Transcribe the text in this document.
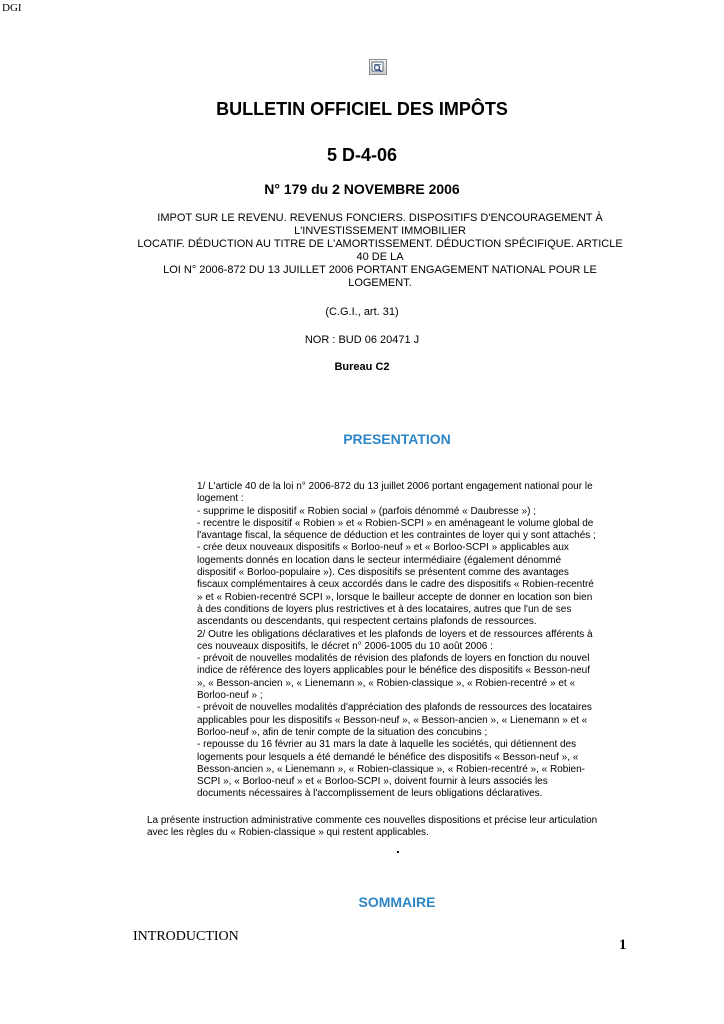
DGI
BULLETIN OFFICIEL DES IMPÔTS
5 D-4-06
N° 179 du 2 NOVEMBRE 2006
IMPOT SUR LE REVENU. REVENUS FONCIERS. DISPOSITIFS D'ENCOURAGEMENT À L'INVESTISSEMENT IMMOBILIER
LOCATIF. DÉDUCTION AU TITRE DE L'AMORTISSEMENT. DÉDUCTION SPÉCIFIQUE. ARTICLE 40 DE LA
LOI N° 2006-872 DU 13 JUILLET 2006 PORTANT ENGAGEMENT NATIONAL POUR LE LOGEMENT.
(C.G.I., art. 31)
NOR : BUD 06 20471 J
Bureau C2
PRESENTATION

1/ L'article 40 de la loi n° 2006-872 du 13 juillet 2006 portant engagement national pour le logement :

- supprime le dispositif « Robien social » (parfois dénommé « Daubresse ») ;

- recentre le dispositif « Robien » et « Robien-SCPI » en aménageant le volume global de l'avantage fiscal, la séquence de déduction et les contraintes de loyer qui y sont attachés ;

- crée deux nouveaux dispositifs « Borloo-neuf » et « Borloo-SCPI » applicables aux logements donnés en location dans le secteur intermédiaire (également dénommé dispositif « Borloo-populaire »). Ces dispositifs se présentent comme des avantages fiscaux complémentaires à ceux accordés dans le cadre des dispositifs « Robien-recentré » et « Robien-recentré SCPI », lorsque le bailleur accepte de donner en location son bien à des conditions de loyers plus restrictives et à des locataires, autres que l'un de ses ascendants ou descendants, qui respectent certains plafonds de ressources.

2/ Outre les obligations déclaratives et les plafonds de loyers et de ressources afférents à ces nouveaux dispositifs, le décret n° 2006-1005 du 10 août 2006 :

- prévoit de nouvelles modalités de révision des plafonds de loyers en fonction du nouvel indice de référence des loyers applicables pour le bénéfice des dispositifs « Besson-neuf », « Besson-ancien », « Lienemann », « Robien-classique », « Robien-recentré » et « Borloo-neuf » ;

- prévoit de nouvelles modalités d'appréciation des plafonds de ressources des locataires applicables pour les dispositifs « Besson-neuf », « Besson-ancien », « Lienemann » et « Borloo-neuf », afin de tenir compte de la situation des concubins ;

- repousse du 16 février au 31 mars la date à laquelle les sociétés, qui détiennent des logements pour lesquels a été demandé le bénéfice des dispositifs « Besson-neuf », « Besson-ancien », « Lienemann », « Robien-classique », « Robien-recentré », « Robien-SCPI », « Borloo-neuf » et « Borloo-SCPI », doivent fournir à leurs associés les documents nécessaires à l'accomplissement de leurs obligations déclaratives.

La présente instruction administrative commente ces nouvelles dispositions et précise leur articulation avec les règles du « Robien-classique » qui restent applicables.
.
SOMMAIRE
INTRODUCTION
1
